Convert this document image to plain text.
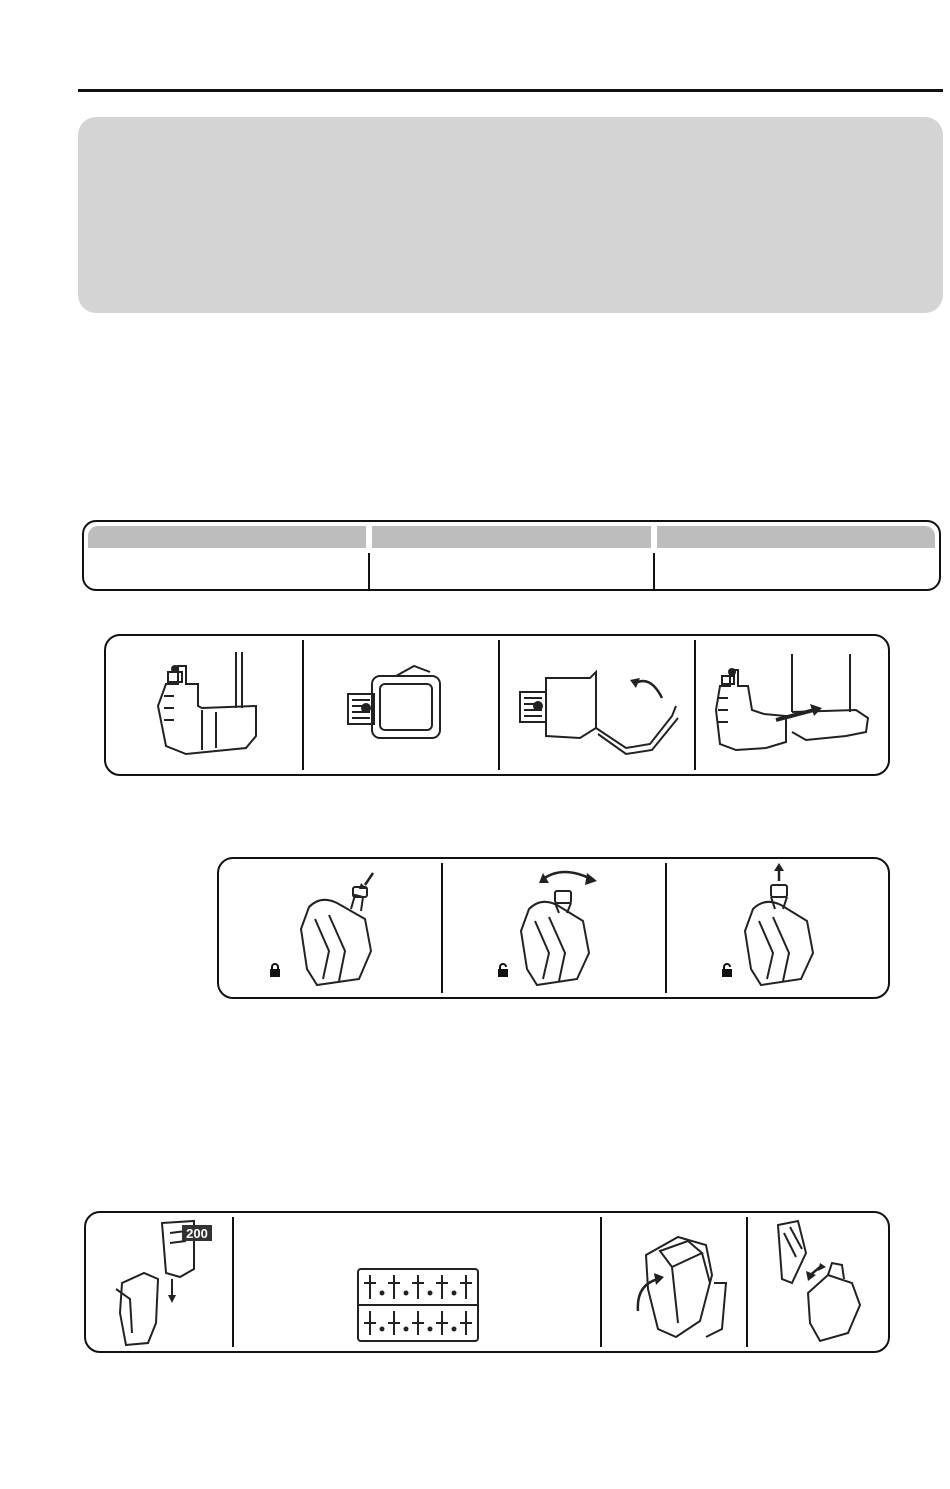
200
